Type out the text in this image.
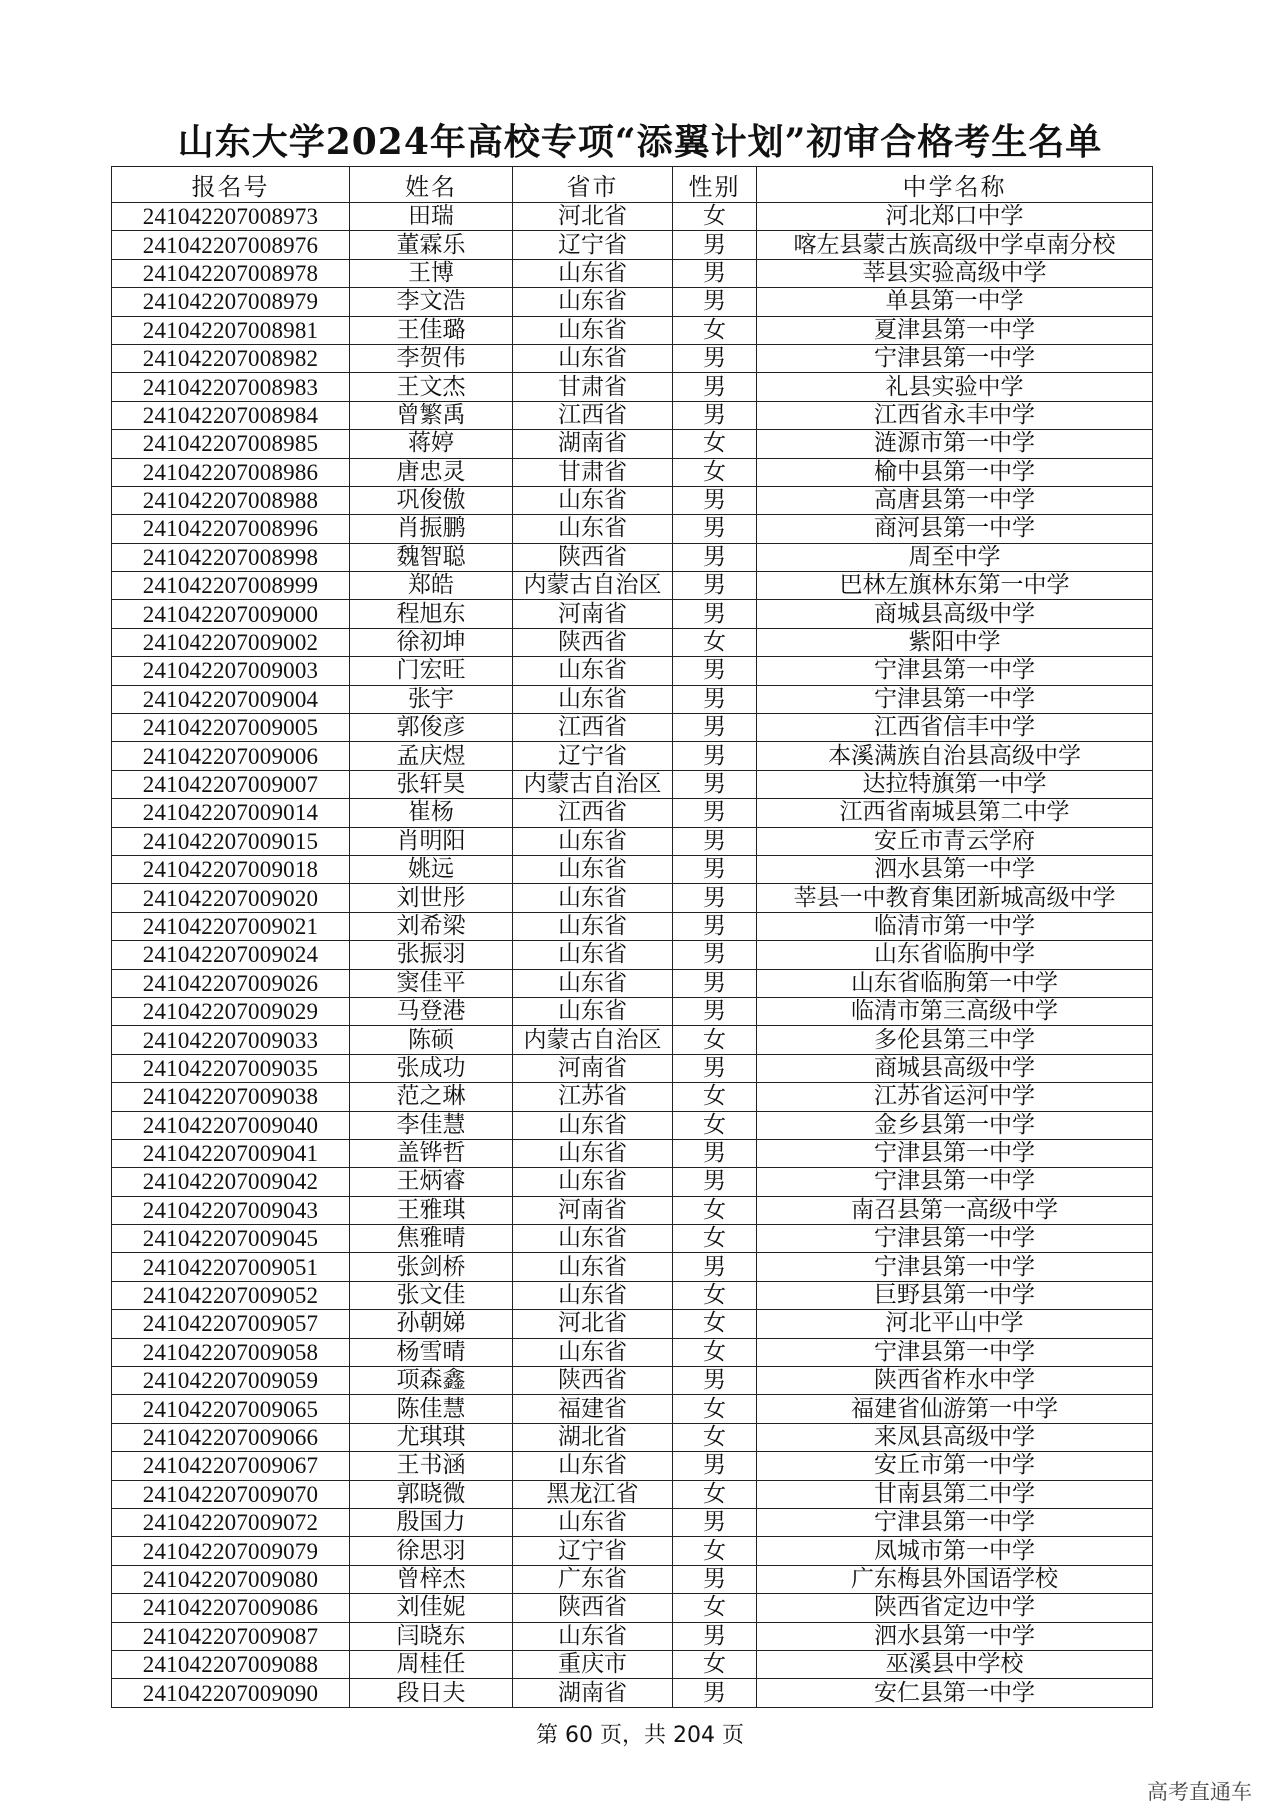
山东大学2024年高校专项“添翼计划”初审合格考生名单
报名号	姓名	省市	性别	中学名称
241042207008973	田瑞	河北省	女	河北郑口中学
241042207008976	董霖乐	辽宁省	男	喀左县蒙古族高级中学卓南分校
241042207008978	王博	山东省	男	莘县实验高级中学
241042207008979	李文浩	山东省	男	单县第一中学
241042207008981	王佳璐	山东省	女	夏津县第一中学
241042207008982	李贺伟	山东省	男	宁津县第一中学
241042207008983	王文杰	甘肃省	男	礼县实验中学
241042207008984	曾繁禹	江西省	男	江西省永丰中学
241042207008985	蒋婷	湖南省	女	涟源市第一中学
241042207008986	唐忠灵	甘肃省	女	榆中县第一中学
241042207008988	巩俊傲	山东省	男	高唐县第一中学
241042207008996	肖振鹏	山东省	男	商河县第一中学
241042207008998	魏智聪	陕西省	男	周至中学
241042207008999	郑皓	内蒙古自治区	男	巴林左旗林东第一中学
241042207009000	程旭东	河南省	男	商城县高级中学
241042207009002	徐初坤	陕西省	女	紫阳中学
241042207009003	门宏旺	山东省	男	宁津县第一中学
241042207009004	张宇	山东省	男	宁津县第一中学
241042207009005	郭俊彦	江西省	男	江西省信丰中学
241042207009006	孟庆煜	辽宁省	男	本溪满族自治县高级中学
241042207009007	张轩昊	内蒙古自治区	男	达拉特旗第一中学
241042207009014	崔杨	江西省	男	江西省南城县第二中学
241042207009015	肖明阳	山东省	男	安丘市青云学府
241042207009018	姚远	山东省	男	泗水县第一中学
241042207009020	刘世彤	山东省	男	莘县一中教育集团新城高级中学
241042207009021	刘希梁	山东省	男	临清市第一中学
241042207009024	张振羽	山东省	男	山东省临朐中学
241042207009026	窦佳平	山东省	男	山东省临朐第一中学
241042207009029	马登港	山东省	男	临清市第三高级中学
241042207009033	陈硕	内蒙古自治区	女	多伦县第三中学
241042207009035	张成功	河南省	男	商城县高级中学
241042207009038	范之琳	江苏省	女	江苏省运河中学
241042207009040	李佳慧	山东省	女	金乡县第一中学
241042207009041	盖铧哲	山东省	男	宁津县第一中学
241042207009042	王炳睿	山东省	男	宁津县第一中学
241042207009043	王雅琪	河南省	女	南召县第一高级中学
241042207009045	焦雅晴	山东省	女	宁津县第一中学
241042207009051	张剑桥	山东省	男	宁津县第一中学
241042207009052	张文佳	山东省	女	巨野县第一中学
241042207009057	孙朝娣	河北省	女	河北平山中学
241042207009058	杨雪晴	山东省	女	宁津县第一中学
241042207009059	项森鑫	陕西省	男	陕西省柞水中学
241042207009065	陈佳慧	福建省	女	福建省仙游第一中学
241042207009066	尤琪琪	湖北省	女	来凤县高级中学
241042207009067	王书涵	山东省	男	安丘市第一中学
241042207009070	郭晓微	黑龙江省	女	甘南县第二中学
241042207009072	殷国力	山东省	男	宁津县第一中学
241042207009079	徐思羽	辽宁省	女	凤城市第一中学
241042207009080	曾梓杰	广东省	男	广东梅县外国语学校
241042207009086	刘佳妮	陕西省	女	陕西省定边中学
241042207009087	闫晓东	山东省	男	泗水县第一中学
241042207009088	周桂任	重庆市	女	巫溪县中学校
241042207009090	段日夫	湖南省	男	安仁县第一中学
第 60 页，共 204 页
高考直通车
